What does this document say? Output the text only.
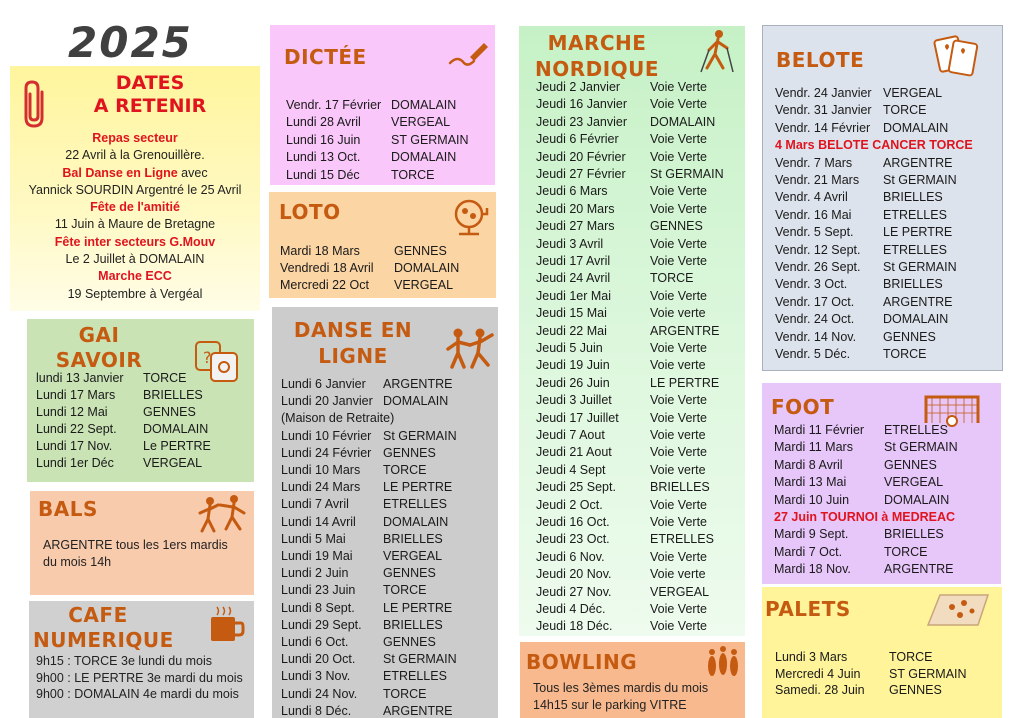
2025
DATES
A RETENIR
Repas secteur
22 Avril à la Grenouillère.
Bal Danse en Ligne avec
Yannick SOURDIN Argentré le 25 Avril
Fête de l'amitié
11 Juin à Maure de Bretagne
Fête inter secteurs G.Mouv
Le 2 Juillet à DOMALAIN
Marche ECC
19 Septembre à Vergéal
GAI
SAVOIR	?
lundi 13 Janvier TORCE
Lundi 17 Mars BRIELLES
Lundi 12 Mai	GENNES
Lundi 22 Sept. DOMALAIN
Lundi 17 Nov. Le PERTRE
Lundi 1er Déc VERGEAL
BALS
ARGENTRE tous les 1ers mardis
du mois 14h
CAFE
NUMERIQUE
9h15 : TORCE 3e lundi du mois
9h00 : LE PERTRE 3e mardi du mois
9h00 : DOMALAIN 4e mardi du mois
DICTÉE
Vendr. 17 Février DOMALAIN
Lundi 28 Avril VERGEAL
Lundi 16 Juin ST GERMAIN
Lundi 13 Oct. DOMALAIN
Lundi 15 Déc	TORCE
LOTO
Mardi 18 Mars	GENNES
Vendredi 18 Avril DOMALAIN
Mercredi 22 Oct VERGEAL
DANSE EN
LIGNE
Lundi 6 Janvier ARGENTRE
Lundi 20 Janvier DOMALAIN
(Maison de Retraite)
Lundi 10 Février St GERMAIN
Lundi 24 Février GENNES
Lundi 10 Mars TORCE
Lundi 24 Mars LE PERTRE
Lundi 7 Avril	ETRELLES
Lundi 14 Avril DOMALAIN
Lundi 5 Mai	BRIELLES
Lundi 19 Mai VERGEAL
Lundi 2 Juin	GENNES
Lundi 23 Juin TORCE
Lundi 8 Sept. LE PERTRE
Lundi 29 Sept. BRIELLES
Lundi 6 Oct.	GENNES
Lundi 20 Oct. St GERMAIN
Lundi 3 Nov.	ETRELLES
Lundi 24 Nov. TORCE
Lundi 8 Déc.	ARGENTRE
MARCHE
NORDIQUE
Jeudi 2 Janvier Voie Verte
Jeudi 16 Janvier Voie Verte
Jeudi 23 Janvier DOMALAIN
Jeudi 6 Février	Voie Verte
Jeudi 20 Février Voie Verte
Jeudi 27 Février St GERMAIN
Jeudi 6 Mars	Voie Verte
Jeudi 20 Mars	Voie Verte
Jeudi 27 Mars	GENNES
Jeudi 3 Avril	Voie Verte
Jeudi 17 Avril	Voie Verte
Jeudi 24 Avril	TORCE
Jeudi 1er Mai	Voie Verte
Jeudi 15 Mai	Voie verte
Jeudi 22 Mai	ARGENTRE
Jeudi 5 Juin	Voie Verte
Jeudi 19 Juin	Voie verte
Jeudi 26 Juin	LE PERTRE
Jeudi 3 Juillet	Voie Verte
Jeudi 17 Juillet	Voie Verte
Jeudi 7 Aout	Voie verte
Jeudi 21 Aout	Voie Verte
Jeudi 4 Sept	Voie verte
Jeudi 25 Sept.	BRIELLES
Jeudi 2 Oct.	Voie Verte
Jeudi 16 Oct.	Voie Verte
Jeudi 23 Oct.	ETRELLES
Jeudi 6 Nov.	Voie Verte
Jeudi 20 Nov.	Voie verte
Jeudi 27 Nov.	VERGEAL
Jeudi 4 Déc.	Voie Verte
Jeudi 18 Déc.	Voie Verte
BOWLING
Tous les 3èmes mardis du mois
14h15 sur le parking VITRE
BELOTE
Vendr. 24 Janvier VERGEAL
Vendr. 31 Janvier TORCE
Vendr. 14 Février DOMALAIN
4 Mars BELOTE CANCER TORCE
Vendr. 7 Mars ARGENTRE
Vendr. 21 Mars St GERMAIN
Vendr. 4 Avril	BRIELLES
Vendr. 16 Mai	ETRELLES
Vendr. 5 Sept. LE PERTRE
Vendr. 12 Sept. ETRELLES
Vendr. 26 Sept. St GERMAIN
Vendr. 3 Oct.	BRIELLES
Vendr. 17 Oct. ARGENTRE
Vendr. 24 Oct. DOMALAIN
Vendr. 14 Nov. GENNES
Vendr. 5 Déc.	TORCE
FOOT
Mardi 11 Février ETRELLES
Mardi 11 Mars St GERMAIN
Mardi 8 Avril	GENNES
Mardi 13 Mai	VERGEAL
Mardi 10 Juin	DOMALAIN
27 Juin TOURNOI à MEDREAC
Mardi 9 Sept.	BRIELLES
Mardi 7 Oct.	TORCE
Mardi 18 Nov.	ARGENTRE
PALETS
Lundi 3 Mars	TORCE
Mercredi 4 Juin ST GERMAIN
Samedi. 28 Juin GENNES
